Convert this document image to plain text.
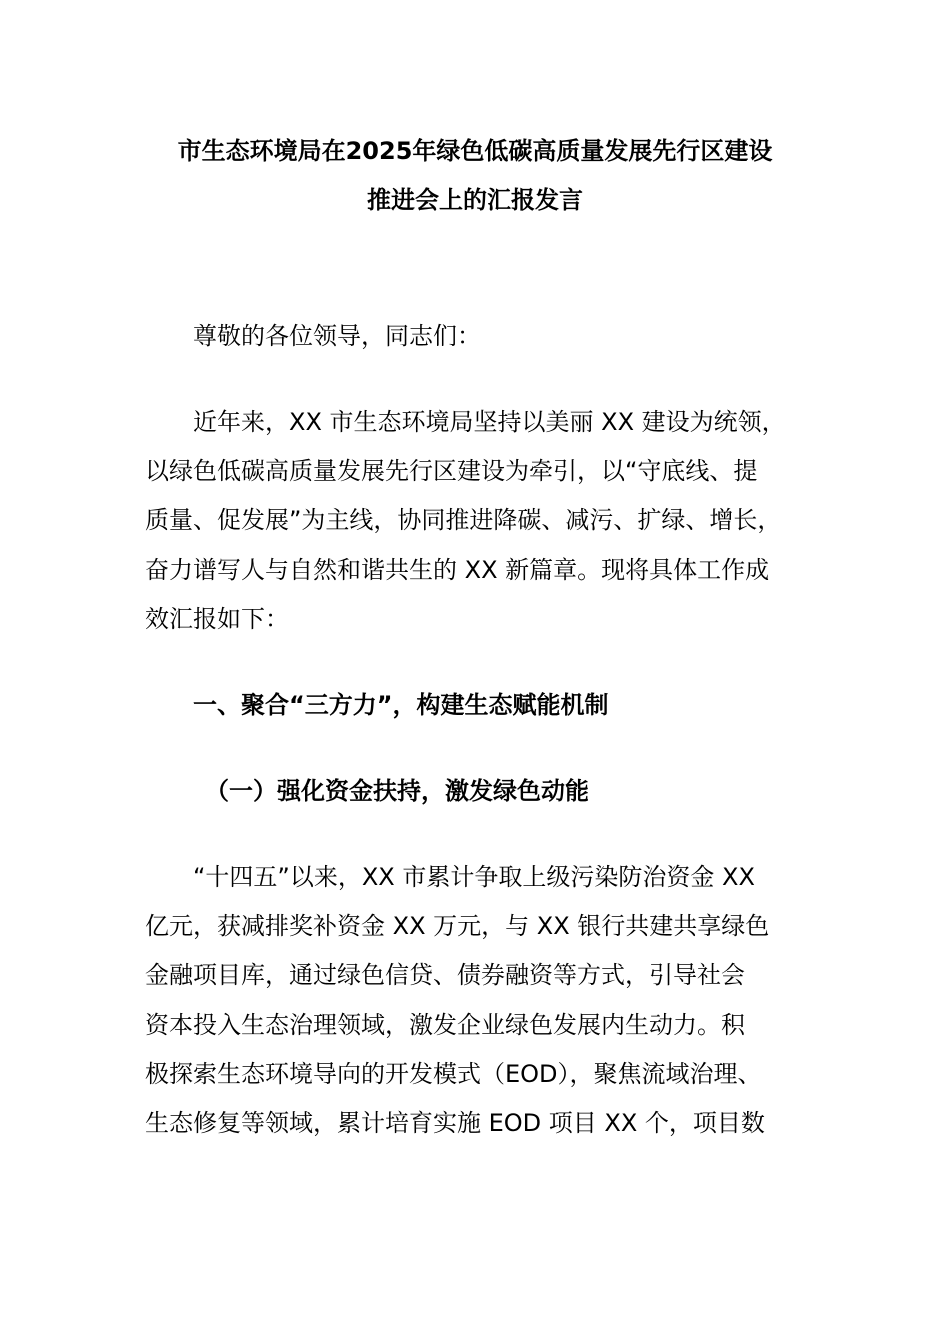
市生态环境局在2025年绿色低碳高质量发展先行区建设
推进会上的汇报发言
尊敬的各位领导，同志们：
近年来，XX 市生态环境局坚持以美丽 XX 建设为统领，
以绿色低碳高质量发展先行区建设为牵引，以“守底线、提
质量、促发展”为主线，协同推进降碳、减污、扩绿、增长，
奋力谱写人与自然和谐共生的 XX 新篇章。现将具体工作成
效汇报如下：
一、聚合“三方力”，构建生态赋能机制
（一）强化资金扶持，激发绿色动能
“十四五”以来，XX 市累计争取上级污染防治资金 XX
亿元，获减排奖补资金 XX 万元，与 XX 银行共建共享绿色
金融项目库，通过绿色信贷、债券融资等方式，引导社会
资本投入生态治理领域，激发企业绿色发展内生动力。积
极探索生态环境导向的开发模式（EOD），聚焦流域治理、
生态修复等领域，累计培育实施 EOD 项目 XX 个，项目数
